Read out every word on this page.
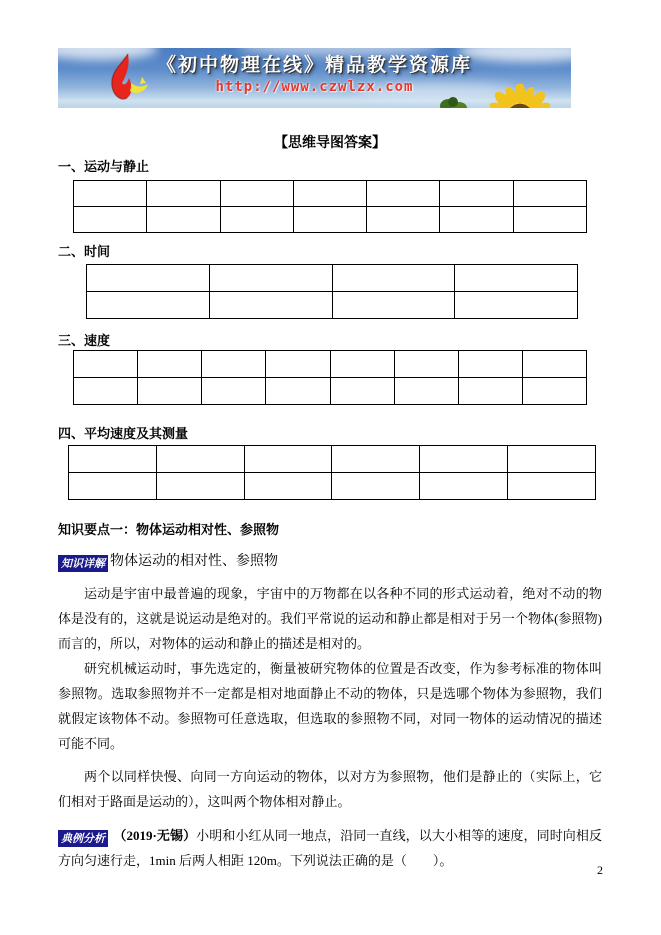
《初中物理在线》精品教学资源库
http://www.czwlzx.com
【思维导图答案】
一、运动与静止

二、时间

三、速度

四、平均速度及其测量

知识要点一：物体运动相对性、参照物
知识详解 物体运动的相对性、参照物

运动是宇宙中最普遍的现象，宇宙中的万物都在以各种不同的形式运动着，绝对不动的物体是没有的，这就是说运动是绝对的。我们平常说的运动和静止都是相对于另一个物体(参照物)而言的，所以，对物体的运动和静止的描述是相对的。

研究机械运动时，事先选定的，衡量被研究物体的位置是否改变，作为参考标准的物体叫参照物。选取参照物并不一定都是相对地面静止不动的物体，只是选哪个物体为参照物，我们就假定该物体不动。参照物可任意选取，但选取的参照物不同，对同一物体的运动情况的描述可能不同。

两个以同样快慢、向同一方向运动的物体，以对方为参照物，他们是静止的（实际上，它们相对于路面是运动的），这叫两个物体相对静止。

典例分析 （2019·无锡）小明和小红从同一地点，沿同一直线，以大小相等的速度，同时向相反方向匀速行走，1min 后两人相距 120m。下列说法正确的是（　　）。
2
